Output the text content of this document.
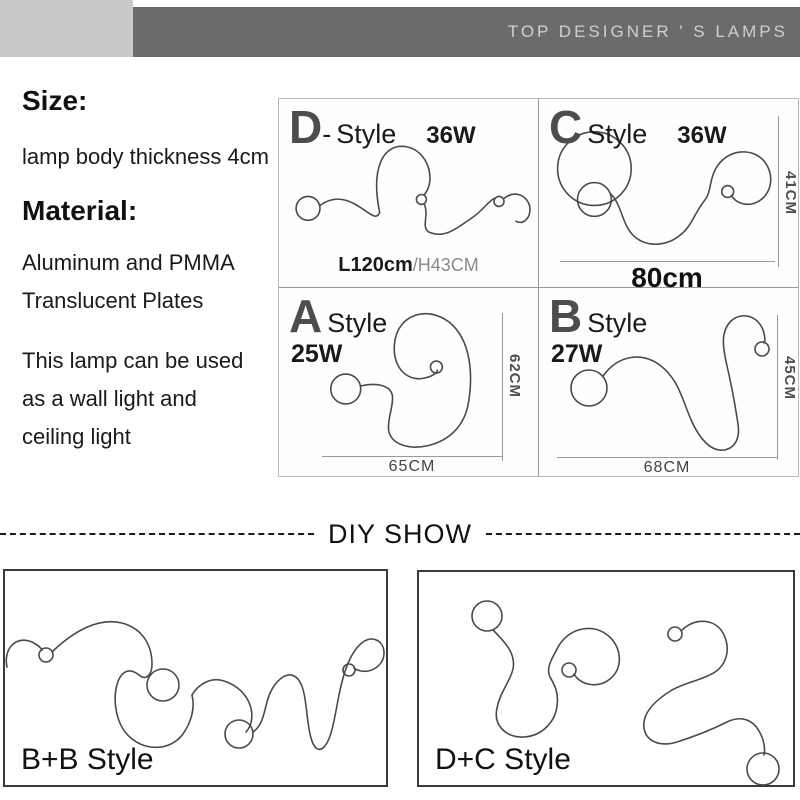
TOP DESIGNER ' S LAMPS
Size:
lamp body thickness 4cm
Material:
Aluminum and PMMA
Translucent Plates
This lamp can be used
as a wall light and
ceiling light
D - Style 36W
L120cm/H43CM
C Style 36W
41CM
80cm
A Style
25W	62CM
65CM
B Style
27W
45CM
68CM
DIY SHOW
B+B Style	D+C Style
